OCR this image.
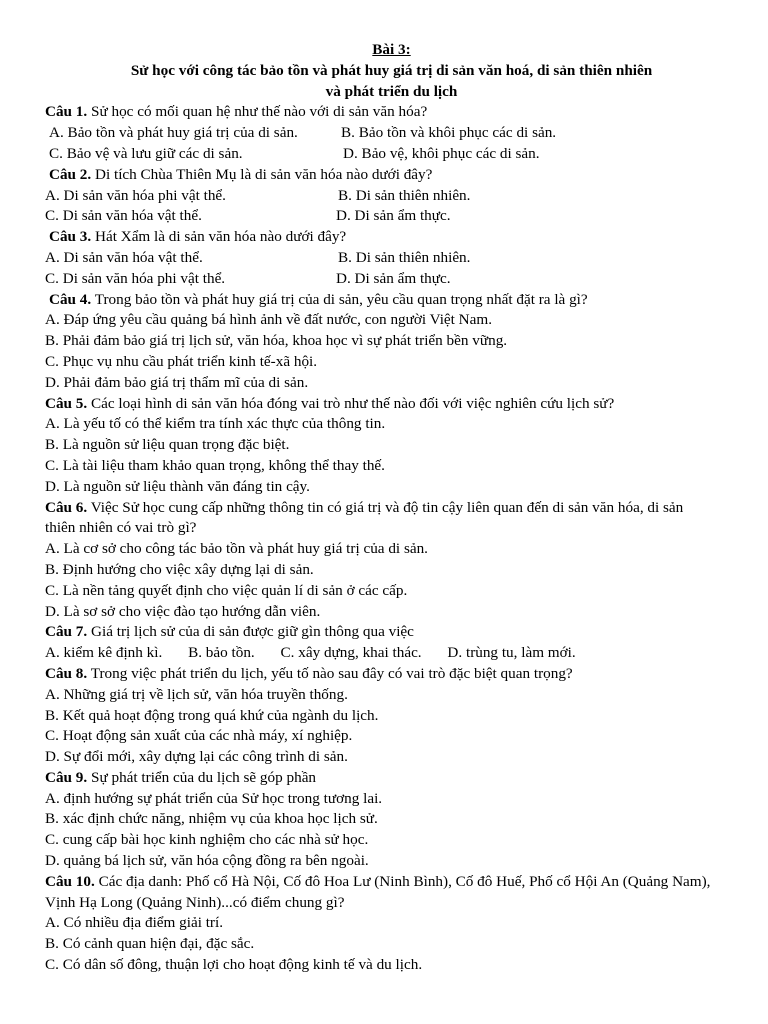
Bài 3:
Sử học với công tác bảo tồn và phát huy giá trị di sản văn hoá, di sản thiên nhiên
và phát triển du lịch
Câu 1. Sử học có mối quan hệ như thế nào với di sản văn hóa?
A. Bảo tồn và phát huy giá trị của di sản.	B. Bảo tồn và khôi phục các di sản.
C. Bảo vệ và lưu giữ các di sản.	D. Bảo vệ, khôi phục các di sản.
Câu 2. Di tích Chùa Thiên Mụ là di sản văn hóa nào dưới đây?
A. Di sản văn hóa phi vật thể.	B. Di sản thiên nhiên.
C. Di sản văn hóa vật thể.	D. Di sản ẩm thực.
Câu 3. Hát Xẩm là di sản văn hóa nào dưới đây?
A. Di sản văn hóa vật thể.	B. Di sản thiên nhiên.
C. Di sản văn hóa phi vật thể.	D. Di sản ẩm thực.
Câu 4. Trong bảo tồn và phát huy giá trị của di sản, yêu cầu quan trọng nhất đặt ra là gì?
A. Đáp ứng yêu cầu quảng bá hình ảnh về đất nước, con người Việt Nam.
B. Phải đảm bảo giá trị lịch sử, văn hóa, khoa học vì sự phát triển bền vững.
C. Phục vụ nhu cầu phát triển kinh tế-xã hội.
D. Phải đảm bảo giá trị thẩm mĩ của di sản.
Câu 5. Các loại hình di sản văn hóa đóng vai trò như thế nào đối với việc nghiên cứu lịch sử?
A. Là yếu tố có thể kiểm tra tính xác thực của thông tin.
B. Là nguồn sử liệu quan trọng đặc biệt.
C. Là tài liệu tham khảo quan trọng, không thể thay thế.
D. Là nguồn sử liệu thành văn đáng tin cậy.
Câu 6. Việc Sử học cung cấp những thông tin có giá trị và độ tin cậy liên quan đến di sản văn hóa, di sản thiên nhiên có vai trò gì?
A. Là cơ sở cho công tác bảo tồn và phát huy giá trị của di sản.
B. Định hướng cho việc xây dựng lại di sản.
C. Là nền tảng quyết định cho việc quản lí di sản ở các cấp.
D. Là sơ sở cho việc đào tạo hướng dẫn viên.
Câu 7. Giá trị lịch sử của di sản được giữ gìn thông qua việc
A. kiểm kê định kì. B. bảo tồn. C. xây dựng, khai thác. D. trùng tu, làm mới.
Câu 8. Trong việc phát triển du lịch, yếu tố nào sau đây có vai trò đặc biệt quan trọng?
A. Những giá trị về lịch sử, văn hóa truyền thống.
B. Kết quả hoạt động trong quá khứ của ngành du lịch.
C. Hoạt động sản xuất của các nhà máy, xí nghiệp.
D. Sự đổi mới, xây dựng lại các công trình di sản.
Câu 9. Sự phát triển của du lịch sẽ góp phần
A. định hướng sự phát triển của Sử học trong tương lai.
B. xác định chức năng, nhiệm vụ của khoa học lịch sử.
C. cung cấp bài học kinh nghiệm cho các nhà sử học.
D. quảng bá lịch sử, văn hóa cộng đồng ra bên ngoài.
Câu 10. Các địa danh: Phố cổ Hà Nội, Cố đô Hoa Lư (Ninh Bình), Cố đô Huế, Phố cổ Hội An (Quảng Nam), Vịnh Hạ Long (Quảng Ninh)...có điểm chung gì?
A. Có nhiều địa điểm giải trí.
B. Có cảnh quan hiện đại, đặc sắc.
C. Có dân số đông, thuận lợi cho hoạt động kinh tế và du lịch.
